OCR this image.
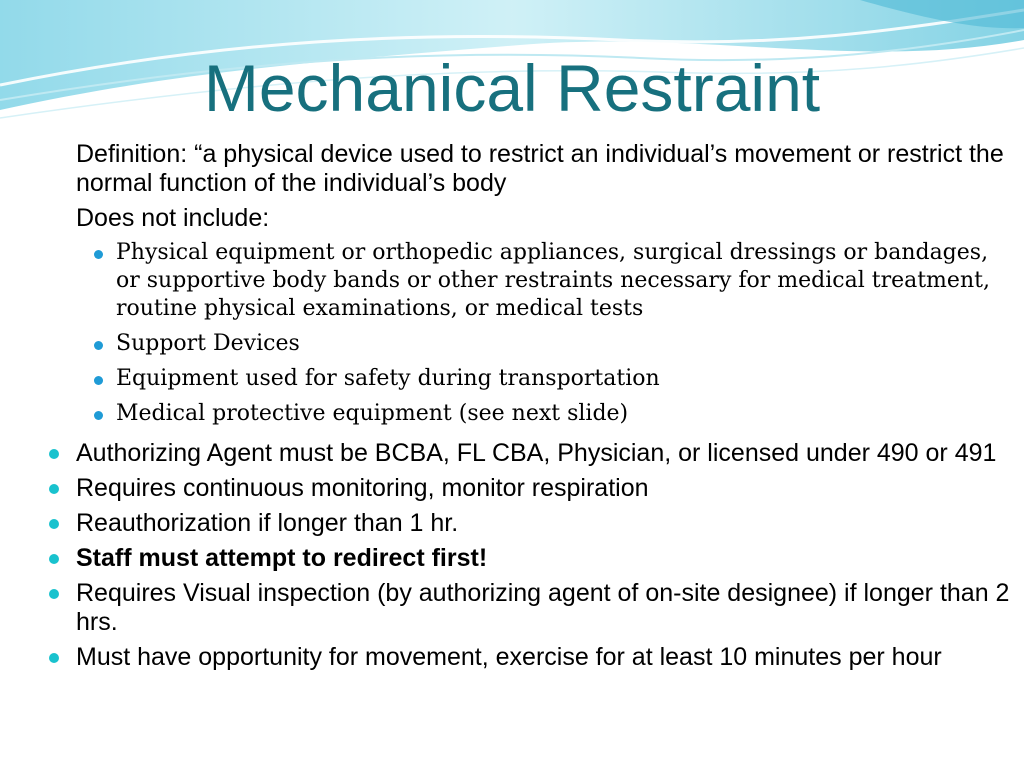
Mechanical Restraint
Definition: “a physical device used to restrict an individual’s movement or restrict the normal function of the individual’s body
Does not include:
Physical equipment or orthopedic appliances, surgical dressings or bandages, or supportive body bands or other restraints necessary for medical treatment, routine physical examinations, or medical tests
Support Devices
Equipment used for safety during transportation
Medical protective equipment (see next slide)
Authorizing Agent must be BCBA, FL CBA, Physician, or licensed under 490 or 491
Requires continuous monitoring, monitor respiration
Reauthorization if longer than 1 hr.
Staff must attempt to redirect first!
Requires Visual inspection (by authorizing agent of on-site designee) if longer than 2 hrs.
Must have opportunity for movement, exercise for at least 10 minutes per hour
